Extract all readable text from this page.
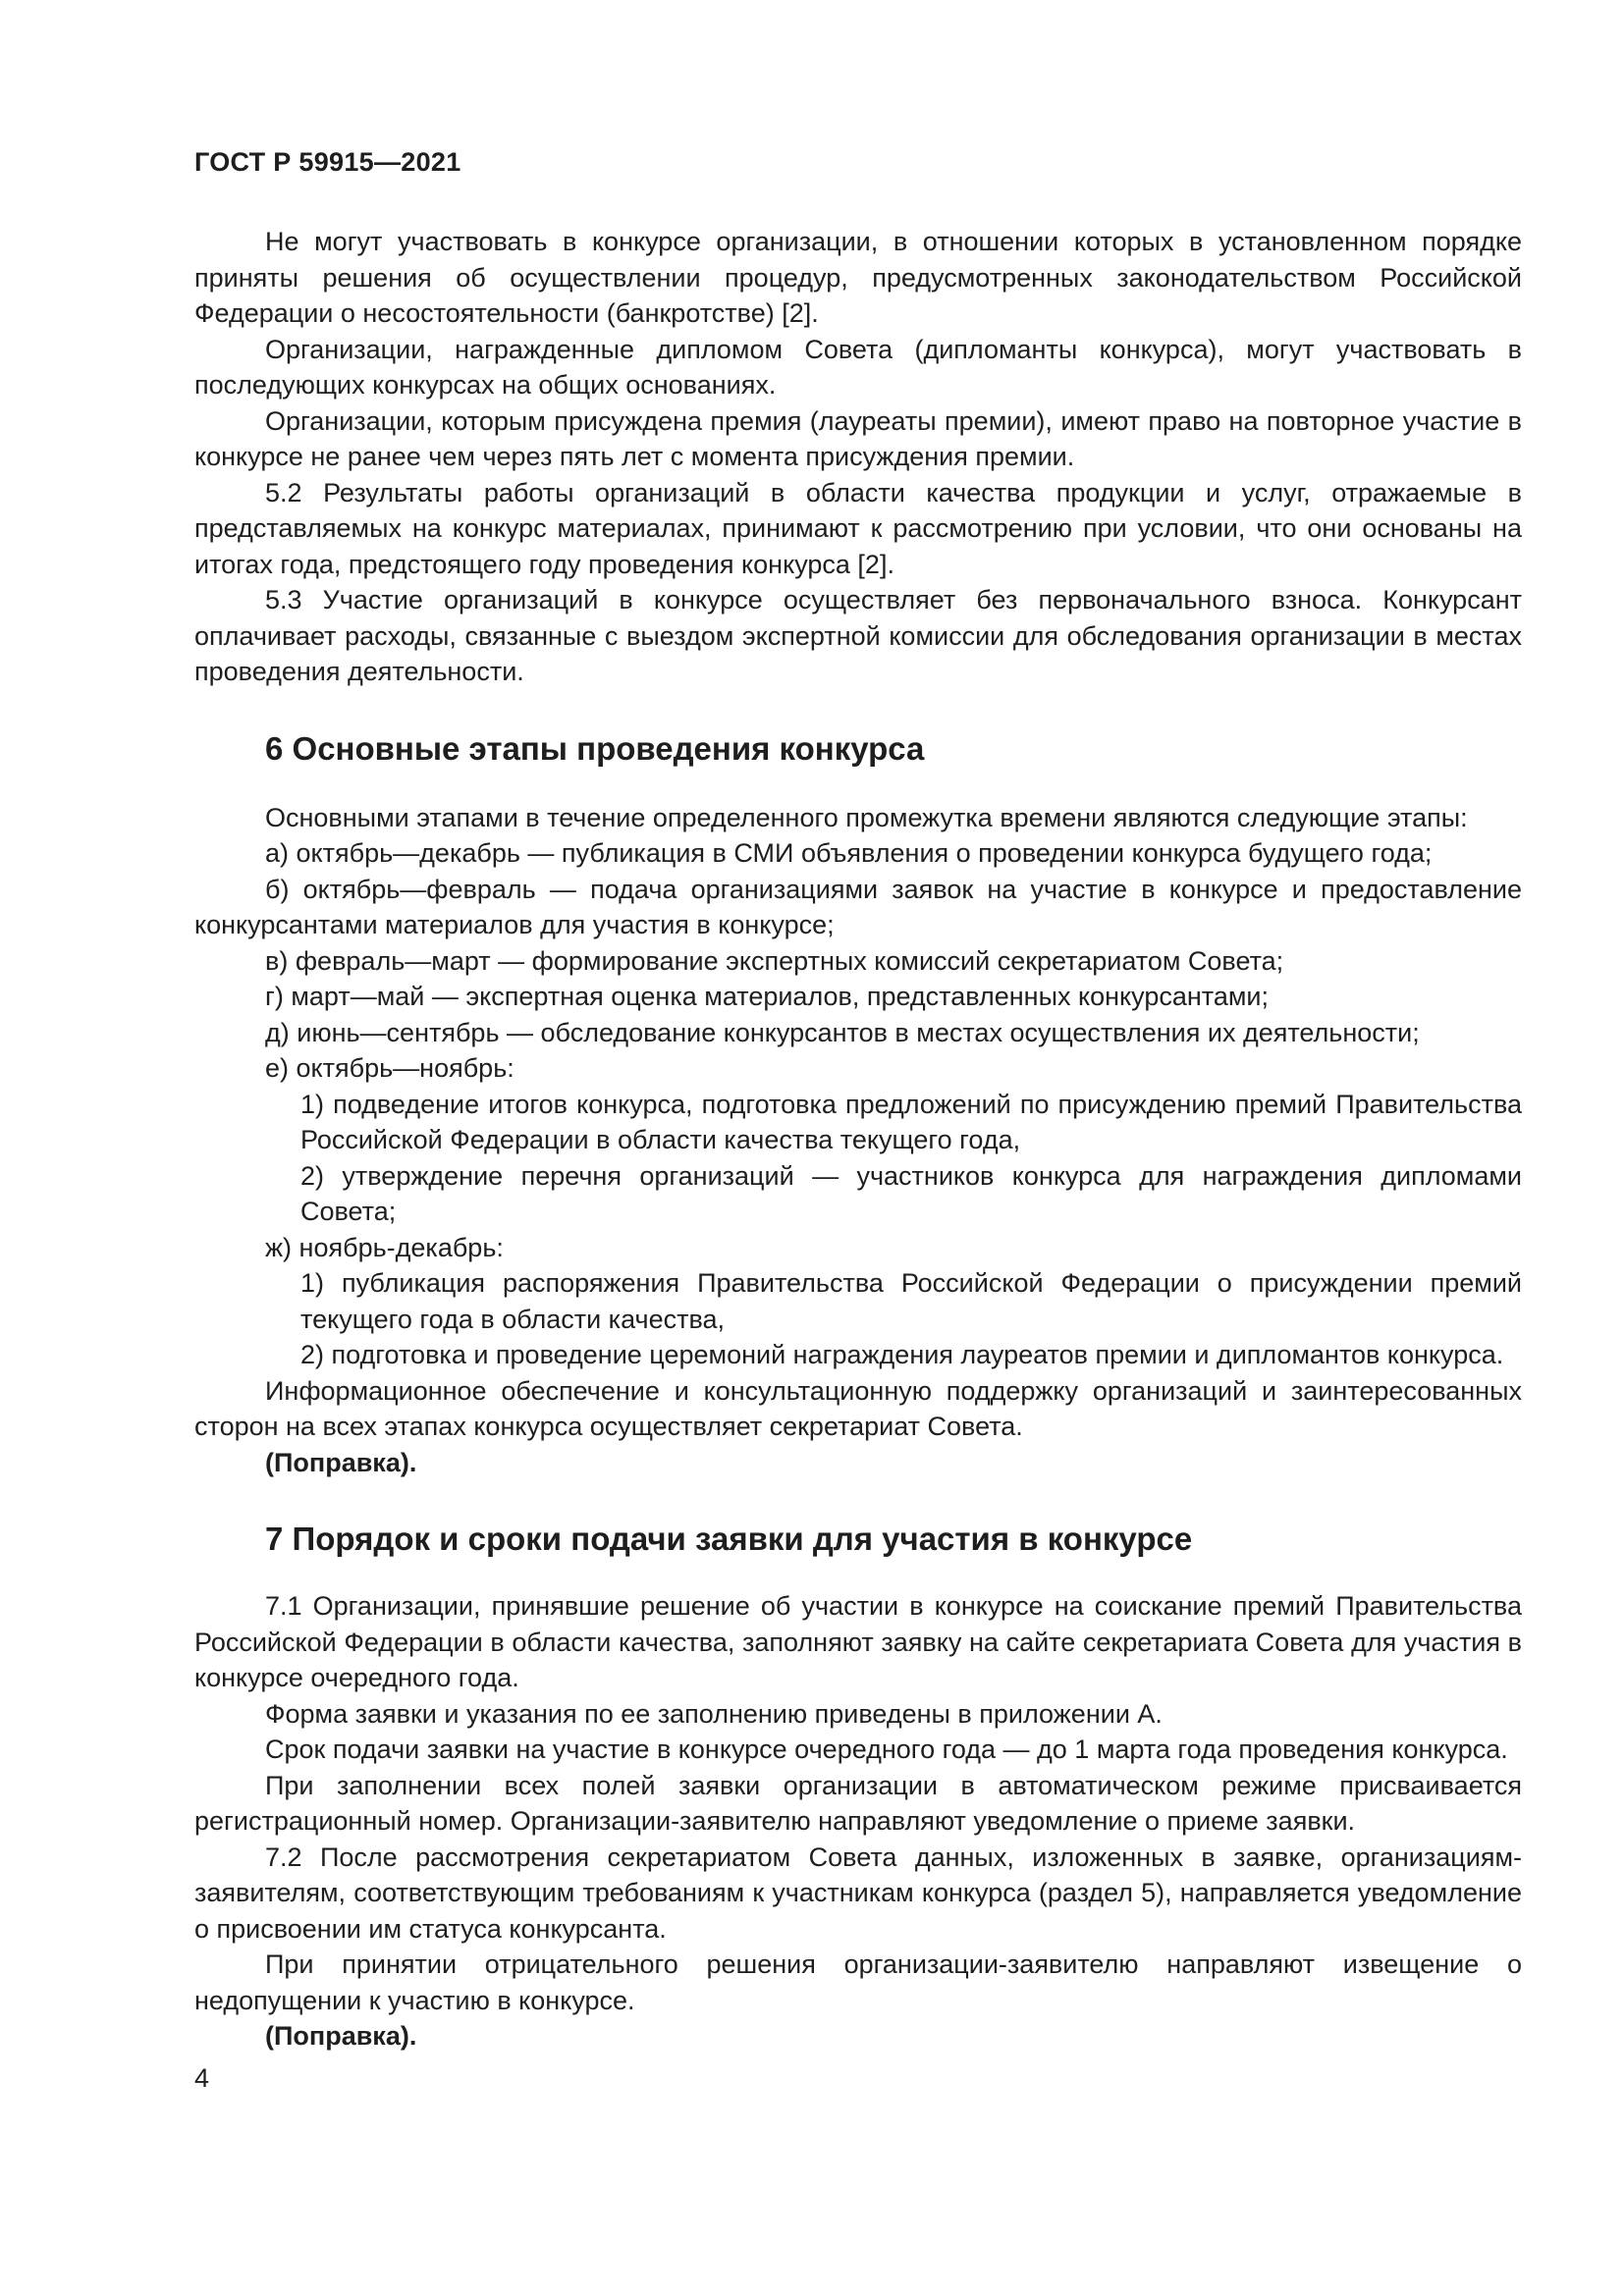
ГОСТ Р 59915—2021

Не могут участвовать в конкурсе организации, в отношении которых в установленном порядке приняты решения об осуществлении процедур, предусмотренных законодательством Российской Федерации о несостоятельности (банкротстве) [2].

Организации, награжденные дипломом Совета (дипломанты конкурса), могут участвовать в последующих конкурсах на общих основаниях.

Организации, которым присуждена премия (лауреаты премии), имеют право на повторное участие в конкурсе не ранее чем через пять лет с момента присуждения премии.

5.2 Результаты работы организаций в области качества продукции и услуг, отражаемые в представляемых на конкурс материалах, принимают к рассмотрению при условии, что они основаны на итогах года, предстоящего году проведения конкурса [2].

5.3 Участие организаций в конкурсе осуществляет без первоначального взноса. Конкурсант оплачивает расходы, связанные с выездом экспертной комиссии для обследования организации в местах проведения деятельности.

6 Основные этапы проведения конкурса

Основными этапами в течение определенного промежутка времени являются следующие этапы:

а) октябрь—декабрь — публикация в СМИ объявления о проведении конкурса будущего года;

б) октябрь—февраль — подача организациями заявок на участие в конкурсе и предоставление конкурсантами материалов для участия в конкурсе;

в) февраль—март — формирование экспертных комиссий секретариатом Совета;

г) март—май — экспертная оценка материалов, представленных конкурсантами;

д) июнь—сентябрь — обследование конкурсантов в местах осуществления их деятельности;

е) октябрь—ноябрь:

1) подведение итогов конкурса, подготовка предложений по присуждению премий Правительства Российской Федерации в области качества текущего года,

2) утверждение перечня организаций — участников конкурса для награждения дипломами Совета;

ж) ноябрь-декабрь:

1) публикация распоряжения Правительства Российской Федерации о присуждении премий текущего года в области качества,

2) подготовка и проведение церемоний награждения лауреатов премии и дипломантов конкурса.

Информационное обеспечение и консультационную поддержку организаций и заинтересованных сторон на всех этапах конкурса осуществляет секретариат Совета.

(Поправка).

7 Порядок и сроки подачи заявки для участия в конкурсе

7.1 Организации, принявшие решение об участии в конкурсе на соискание премий Правительства Российской Федерации в области качества, заполняют заявку на сайте секретариата Совета для участия в конкурсе очередного года.

Форма заявки и указания по ее заполнению приведены в приложении А.

Срок подачи заявки на участие в конкурсе очередного года — до 1 марта года проведения конкурса.

При заполнении всех полей заявки организации в автоматическом режиме присваивается регистрационный номер. Организации-заявителю направляют уведомление о приеме заявки.

7.2 После рассмотрения секретариатом Совета данных, изложенных в заявке, организациям-заявителям, соответствующим требованиям к участникам конкурса (раздел 5), направляется уведомление о присвоении им статуса конкурсанта.

При принятии отрицательного решения организации-заявителю направляют извещение о недопущении к участию в конкурсе.

(Поправка).

4
